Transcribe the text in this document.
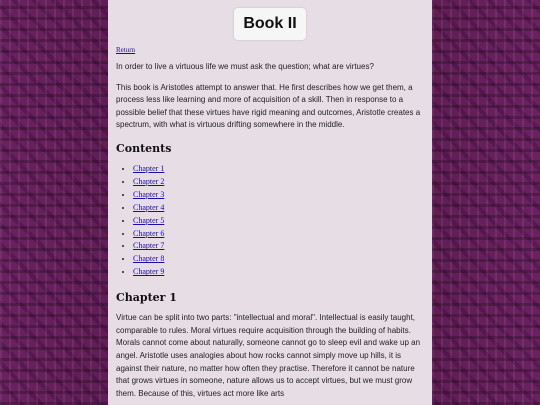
Book II
Return

In order to live a virtuous life we must ask the question; what are virtues?

This book is Aristotles attempt to answer that. He first describes how we get them, a process less like learning and more of acquisition of a skill. Then in response to a possible belief that these virtues have rigid meaning and outcomes, Aristotle creates a spectrum, with what is virtuous drifting somewhere in the middle.

Contents
• Chapter 1
• Chapter 2
• Chapter 3
• Chapter 4
• Chapter 5
• Chapter 6
• Chapter 7
• Chapter 8
• Chapter 9
Chapter 1

Virtue can be split into two parts: "intellectual and moral". Intellectual is easily taught, comparable to rules. Moral virtues require acquisition through the building of habits. Morals cannot come about naturally, someone cannot go to sleep evil and wake up an angel. Aristotle uses analogies about how rocks cannot simply move up hills, it is against their nature, no matter how often they practise. Therefore it cannot be nature that grows virtues in someone, nature allows us to accept virtues, but we must grow them. Because of this, virtues act more like arts
